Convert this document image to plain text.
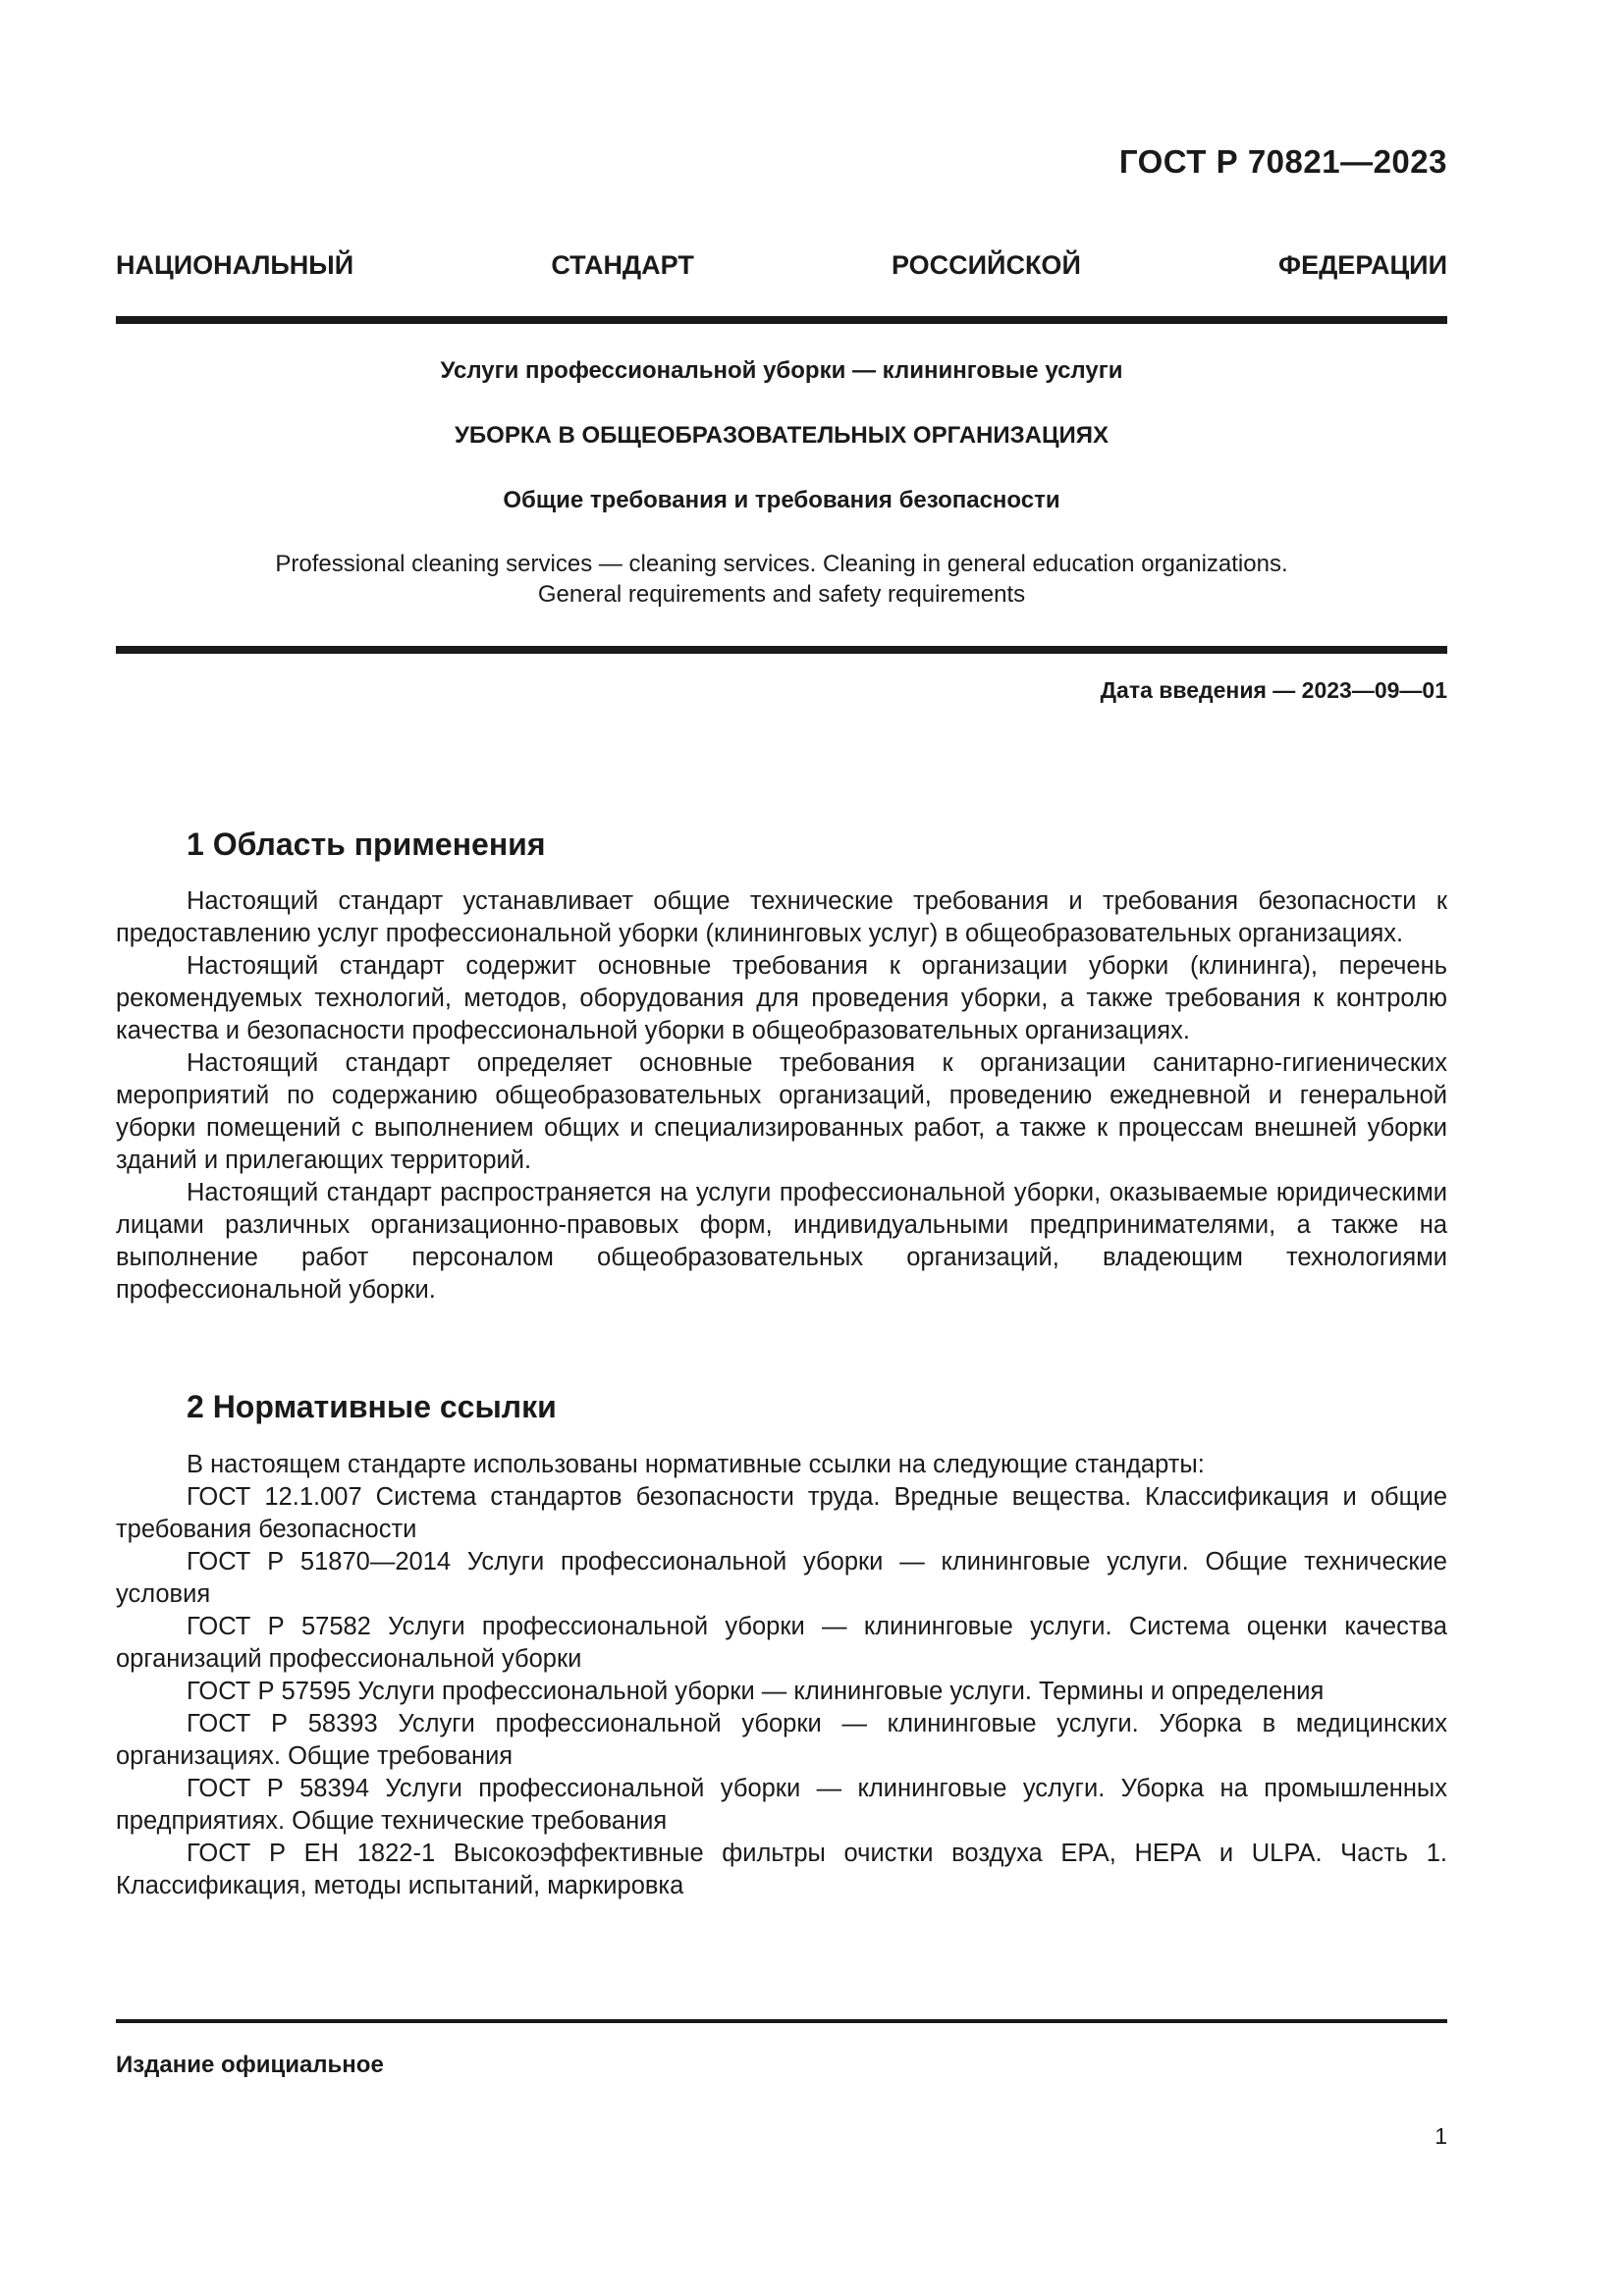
ГОСТ Р 70821—2023
НАЦИОНАЛЬНЫЙ СТАНДАРТ РОССИЙСКОЙ ФЕДЕРАЦИИ
Услуги профессиональной уборки — клининговые услуги
УБОРКА В ОБЩЕОБРАЗОВАТЕЛЬНЫХ ОРГАНИЗАЦИЯХ
Общие требования и требования безопасности
Professional cleaning services — cleaning services. Cleaning in general education organizations.
General requirements and safety requirements
Дата введения — 2023—09—01
1 Область применения

Настоящий стандарт устанавливает общие технические требования и требования безопасности к предоставлению услуг профессиональной уборки (клининговых услуг) в общеобразовательных организациях.

Настоящий стандарт содержит основные требования к организации уборки (клининга), перечень рекомендуемых технологий, методов, оборудования для проведения уборки, а также требования к контролю качества и безопасности профессиональной уборки в общеобразовательных организациях.

Настоящий стандарт определяет основные требования к организации санитарно-гигиенических мероприятий по содержанию общеобразовательных организаций, проведению ежедневной и генеральной уборки помещений с выполнением общих и специализированных работ, а также к процессам внешней уборки зданий и прилегающих территорий.

Настоящий стандарт распространяется на услуги профессиональной уборки, оказываемые юридическими лицами различных организационно-правовых форм, индивидуальными предпринимателями, а также на выполнение работ персоналом общеобразовательных организаций, владеющим технологиями профессиональной уборки.

2 Нормативные ссылки

В настоящем стандарте использованы нормативные ссылки на следующие стандарты:

ГОСТ 12.1.007 Система стандартов безопасности труда. Вредные вещества. Классификация и общие требования безопасности

ГОСТ Р 51870—2014 Услуги профессиональной уборки — клининговые услуги. Общие технические условия

ГОСТ Р 57582 Услуги профессиональной уборки — клининговые услуги. Система оценки качества организаций профессиональной уборки

ГОСТ Р 57595 Услуги профессиональной уборки — клининговые услуги. Термины и определения

ГОСТ Р 58393 Услуги профессиональной уборки — клининговые услуги. Уборка в медицинских организациях. Общие требования

ГОСТ Р 58394 Услуги профессиональной уборки — клининговые услуги. Уборка на промышленных предприятиях. Общие технические требования

ГОСТ Р ЕН 1822-1 Высокоэффективные фильтры очистки воздуха ЕРА, НЕРА и ULPA. Часть 1. Классификация, методы испытаний, маркировка

Издание официальное
1
